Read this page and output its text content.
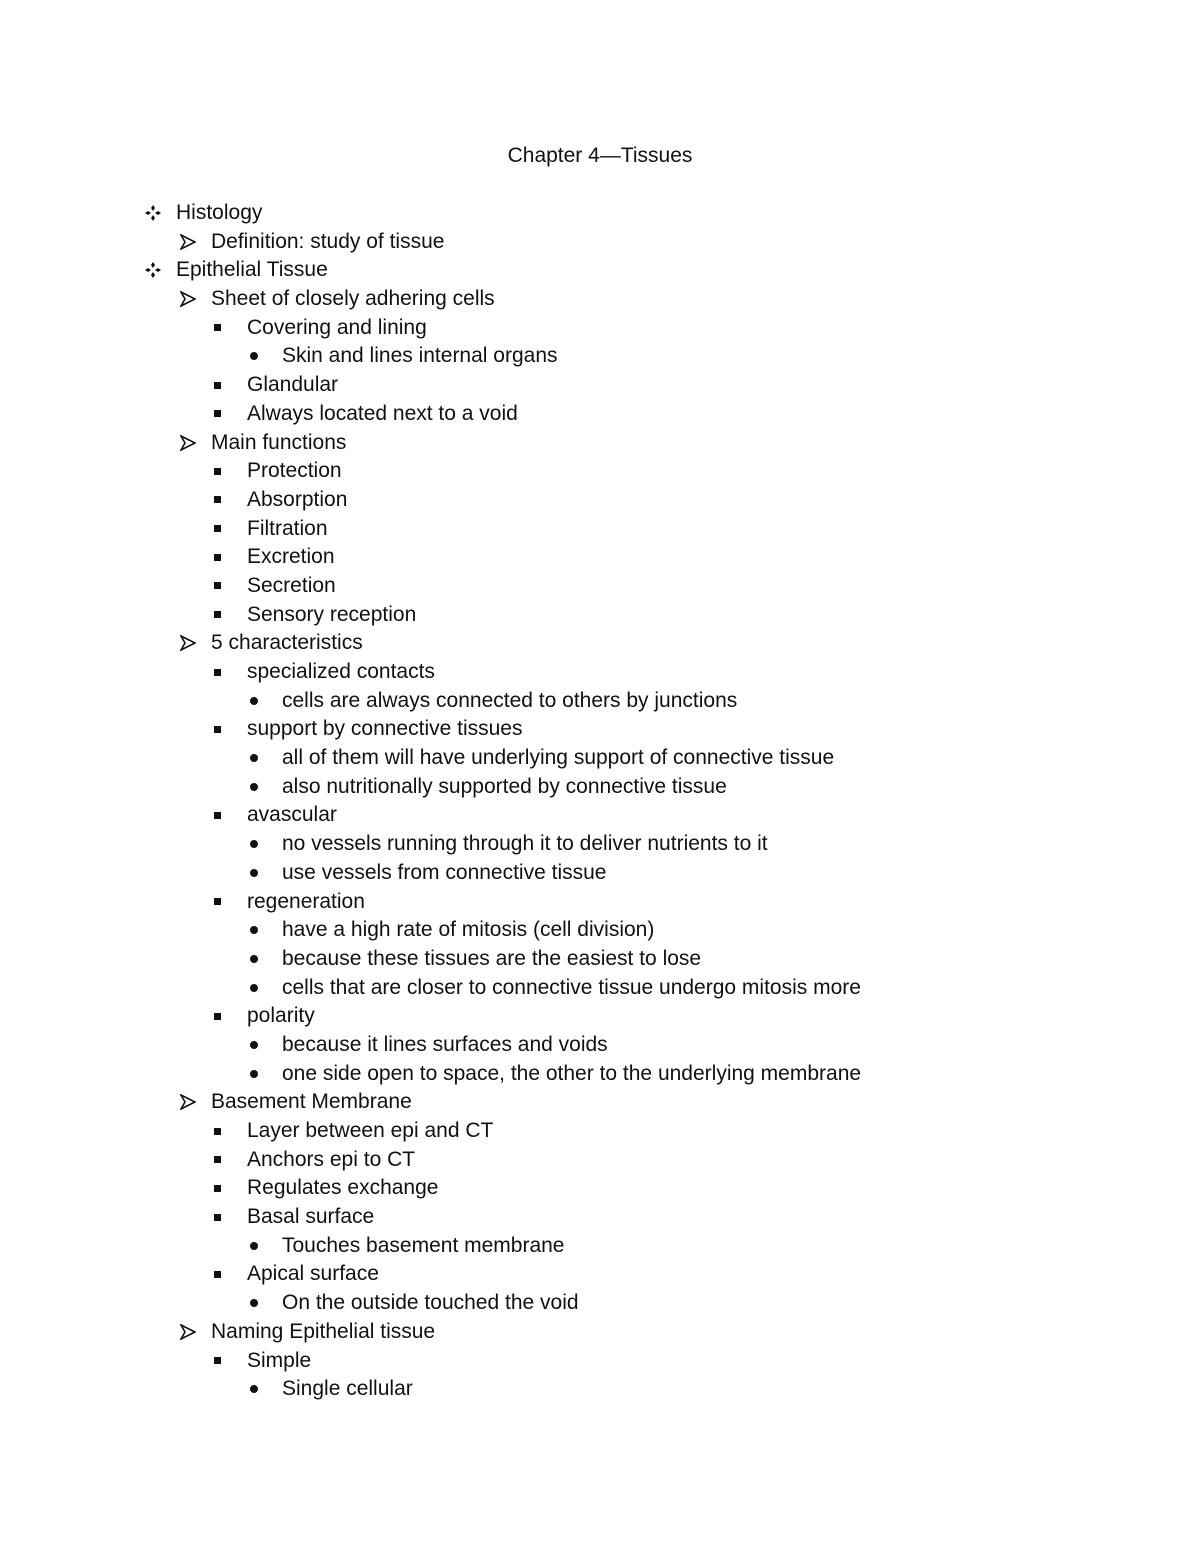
Chapter 4—Tissues
Histology
Definition: study of tissue
Epithelial Tissue
Sheet of closely adhering cells
Covering and lining
Skin and lines internal organs
Glandular
Always located next to a void
Main functions
Protection
Absorption
Filtration
Excretion
Secretion
Sensory reception
5 characteristics
specialized contacts
cells are always connected to others by junctions
support by connective tissues
all of them will have underlying support of connective tissue
also nutritionally supported by connective tissue
avascular
no vessels running through it to deliver nutrients to it
use vessels from connective tissue
regeneration
have a high rate of mitosis (cell division)
because these tissues are the easiest to lose
cells that are closer to connective tissue undergo mitosis more
polarity
because it lines surfaces and voids
one side open to space, the other to the underlying membrane
Basement Membrane
Layer between epi and CT
Anchors epi to CT
Regulates exchange
Basal surface
Touches basement membrane
Apical surface
On the outside touched the void
Naming Epithelial tissue
Simple
Single cellular
